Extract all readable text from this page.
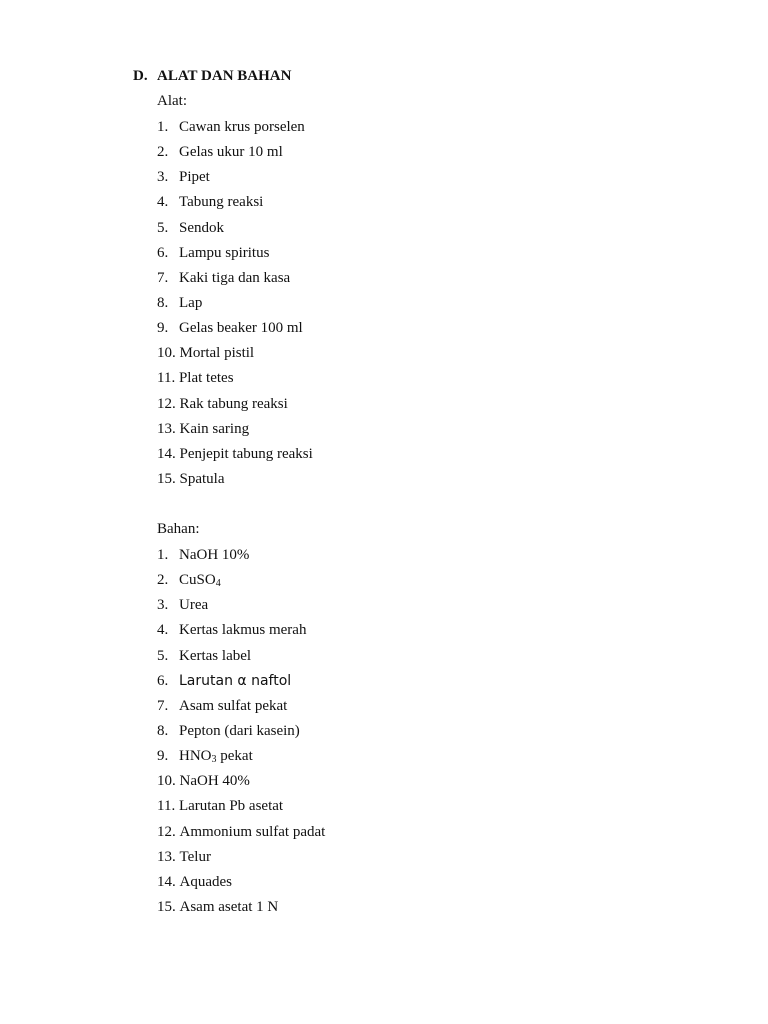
D. ALAT DAN BAHAN
Alat:
1. Cawan krus porselen
2. Gelas ukur 10 ml
3. Pipet
4. Tabung reaksi
5. Sendok
6. Lampu spiritus
7. Kaki tiga dan kasa
8. Lap
9. Gelas beaker 100 ml
10. Mortal pistil
11. Plat tetes
12. Rak tabung reaksi
13. Kain saring
14. Penjepit tabung reaksi
15. Spatula
Bahan:
1. NaOH 10%
2. CuSO$_4$
3. Urea
4. Kertas lakmus merah
5. Kertas label
6. Larutan α naftol
7. Asam sulfat pekat
8. Pepton (dari kasein)
9. $HNO_3$ pekat
10. NaOH 40%
11. Larutan Pb asetat
12. Ammonium sulfat padat
13. Telur
14. Aquades
15. Asam asetat 1 N
